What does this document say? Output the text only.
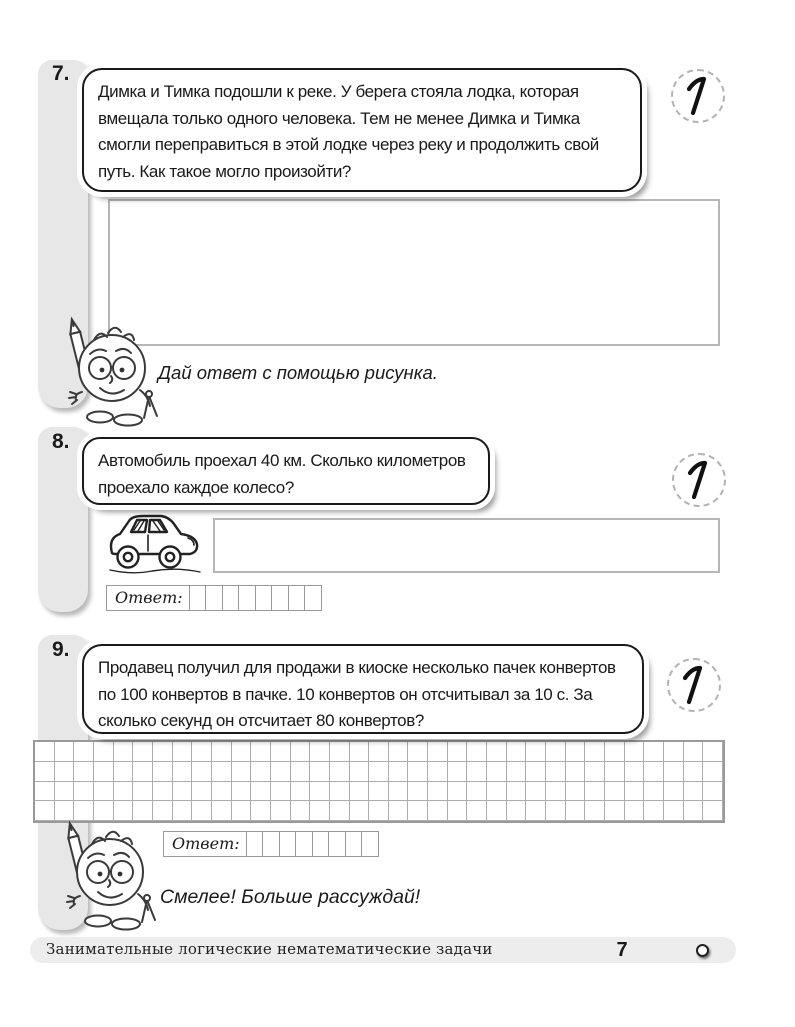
7.

Димка и Тимка подошли к реке. У берега стояла лодка, которая вмещала только одного человека. Тем не менее Димка и Тимка смогли переправиться в этой лодке через реку и продолжить свой путь. Как такое могло произойти?

Дай ответ с помощью рисунка.
8.

Автомобиль проехал 40 км. Сколько километров проехало каждое колесо?

Ответ:
9.

Продавец получил для продажи в киоске несколько пачек конвертов по 100 конвертов в пачке. 10 конвертов он отсчитывал за 10 с. За сколько секунд он отсчитает 80 конвертов?

Ответ:
Смелее! Больше рассуждай!
Занимательные логические нематематические задачи	7
